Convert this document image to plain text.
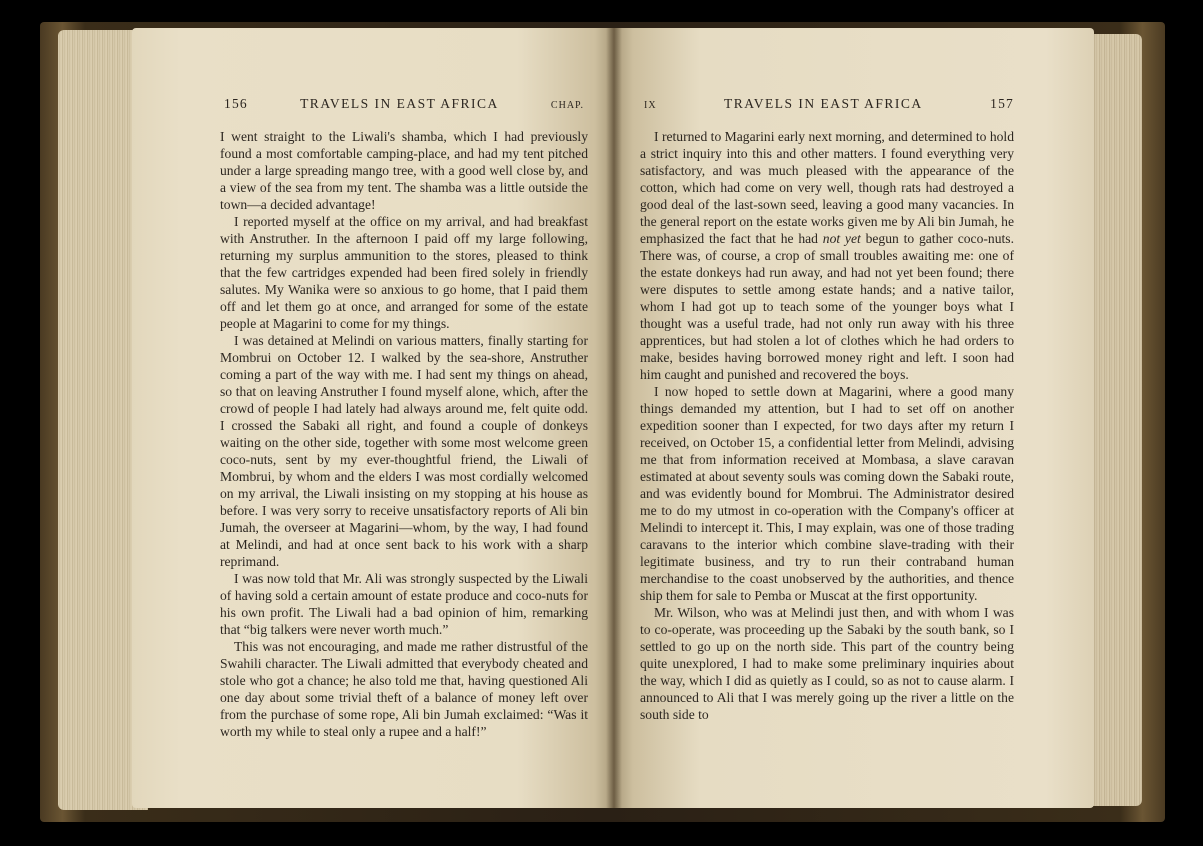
156	TRAVELS IN EAST AFRICA	CHAP.

I went straight to the Liwali's shamba, which I had previously found a most comfortable camping-place, and had my tent pitched under a large spreading mango tree, with a good well close by, and a view of the sea from my tent. The shamba was a little outside the town—a decided advantage!

I reported myself at the office on my arrival, and had breakfast with Anstruther. In the afternoon I paid off my large following, returning my surplus ammunition to the stores, pleased to think that the few cartridges expended had been fired solely in friendly salutes. My Wanika were so anxious to go home, that I paid them off and let them go at once, and arranged for some of the estate people at Magarini to come for my things.

I was detained at Melindi on various matters, finally starting for Mombrui on October 12. I walked by the sea-shore, Anstruther coming a part of the way with me. I had sent my things on ahead, so that on leaving Anstruther I found myself alone, which, after the crowd of people I had lately had always around me, felt quite odd. I crossed the Sabaki all right, and found a couple of donkeys waiting on the other side, together with some most welcome green coco-nuts, sent by my ever-thoughtful friend, the Liwali of Mombrui, by whom and the elders I was most cordially welcomed on my arrival, the Liwali insisting on my stopping at his house as before. I was very sorry to receive unsatisfactory reports of Ali bin Jumah, the overseer at Magarini—whom, by the way, I had found at Melindi, and had at once sent back to his work with a sharp reprimand.

I was now told that Mr. Ali was strongly suspected by the Liwali of having sold a certain amount of estate produce and coco-nuts for his own profit. The Liwali had a bad opinion of him, remarking that “big talkers were never worth much.”

This was not encouraging, and made me rather distrustful of the Swahili character. The Liwali admitted that everybody cheated and stole who got a chance; he also told me that, having questioned Ali one day about some trivial theft of a balance of money left over from the purchase of some rope, Ali bin Jumah exclaimed: “Was it worth my while to steal only a rupee and a half!”

IX	TRAVELS IN EAST AFRICA	157

I returned to Magarini early next morning, and determined to hold a strict inquiry into this and other matters. I found everything very satisfactory, and was much pleased with the appearance of the cotton, which had come on very well, though rats had destroyed a good deal of the last-sown seed, leaving a good many vacancies. In the general report on the estate works given me by Ali bin Jumah, he emphasized the fact that he had not yet begun to gather coco-nuts. There was, of course, a crop of small troubles awaiting me: one of the estate donkeys had run away, and had not yet been found; there were disputes to settle among estate hands; and a native tailor, whom I had got up to teach some of the younger boys what I thought was a useful trade, had not only run away with his three apprentices, but had stolen a lot of clothes which he had orders to make, besides having borrowed money right and left. I soon had him caught and punished and recovered the boys.

I now hoped to settle down at Magarini, where a good many things demanded my attention, but I had to set off on another expedition sooner than I expected, for two days after my return I received, on October 15, a confidential letter from Melindi, advising me that from information received at Mombasa, a slave caravan estimated at about seventy souls was coming down the Sabaki route, and was evidently bound for Mombrui. The Administrator desired me to do my utmost in co-operation with the Company's officer at Melindi to intercept it. This, I may explain, was one of those trading caravans to the interior which combine slave-trading with their legitimate business, and try to run their contraband human merchandise to the coast unobserved by the authorities, and thence ship them for sale to Pemba or Muscat at the first opportunity.

Mr. Wilson, who was at Melindi just then, and with whom I was to co-operate, was proceeding up the Sabaki by the south bank, so I settled to go up on the north side. This part of the country being quite unexplored, I had to make some preliminary inquiries about the way, which I did as quietly as I could, so as not to cause alarm. I announced to Ali that I was merely going up the river a little on the south side to
